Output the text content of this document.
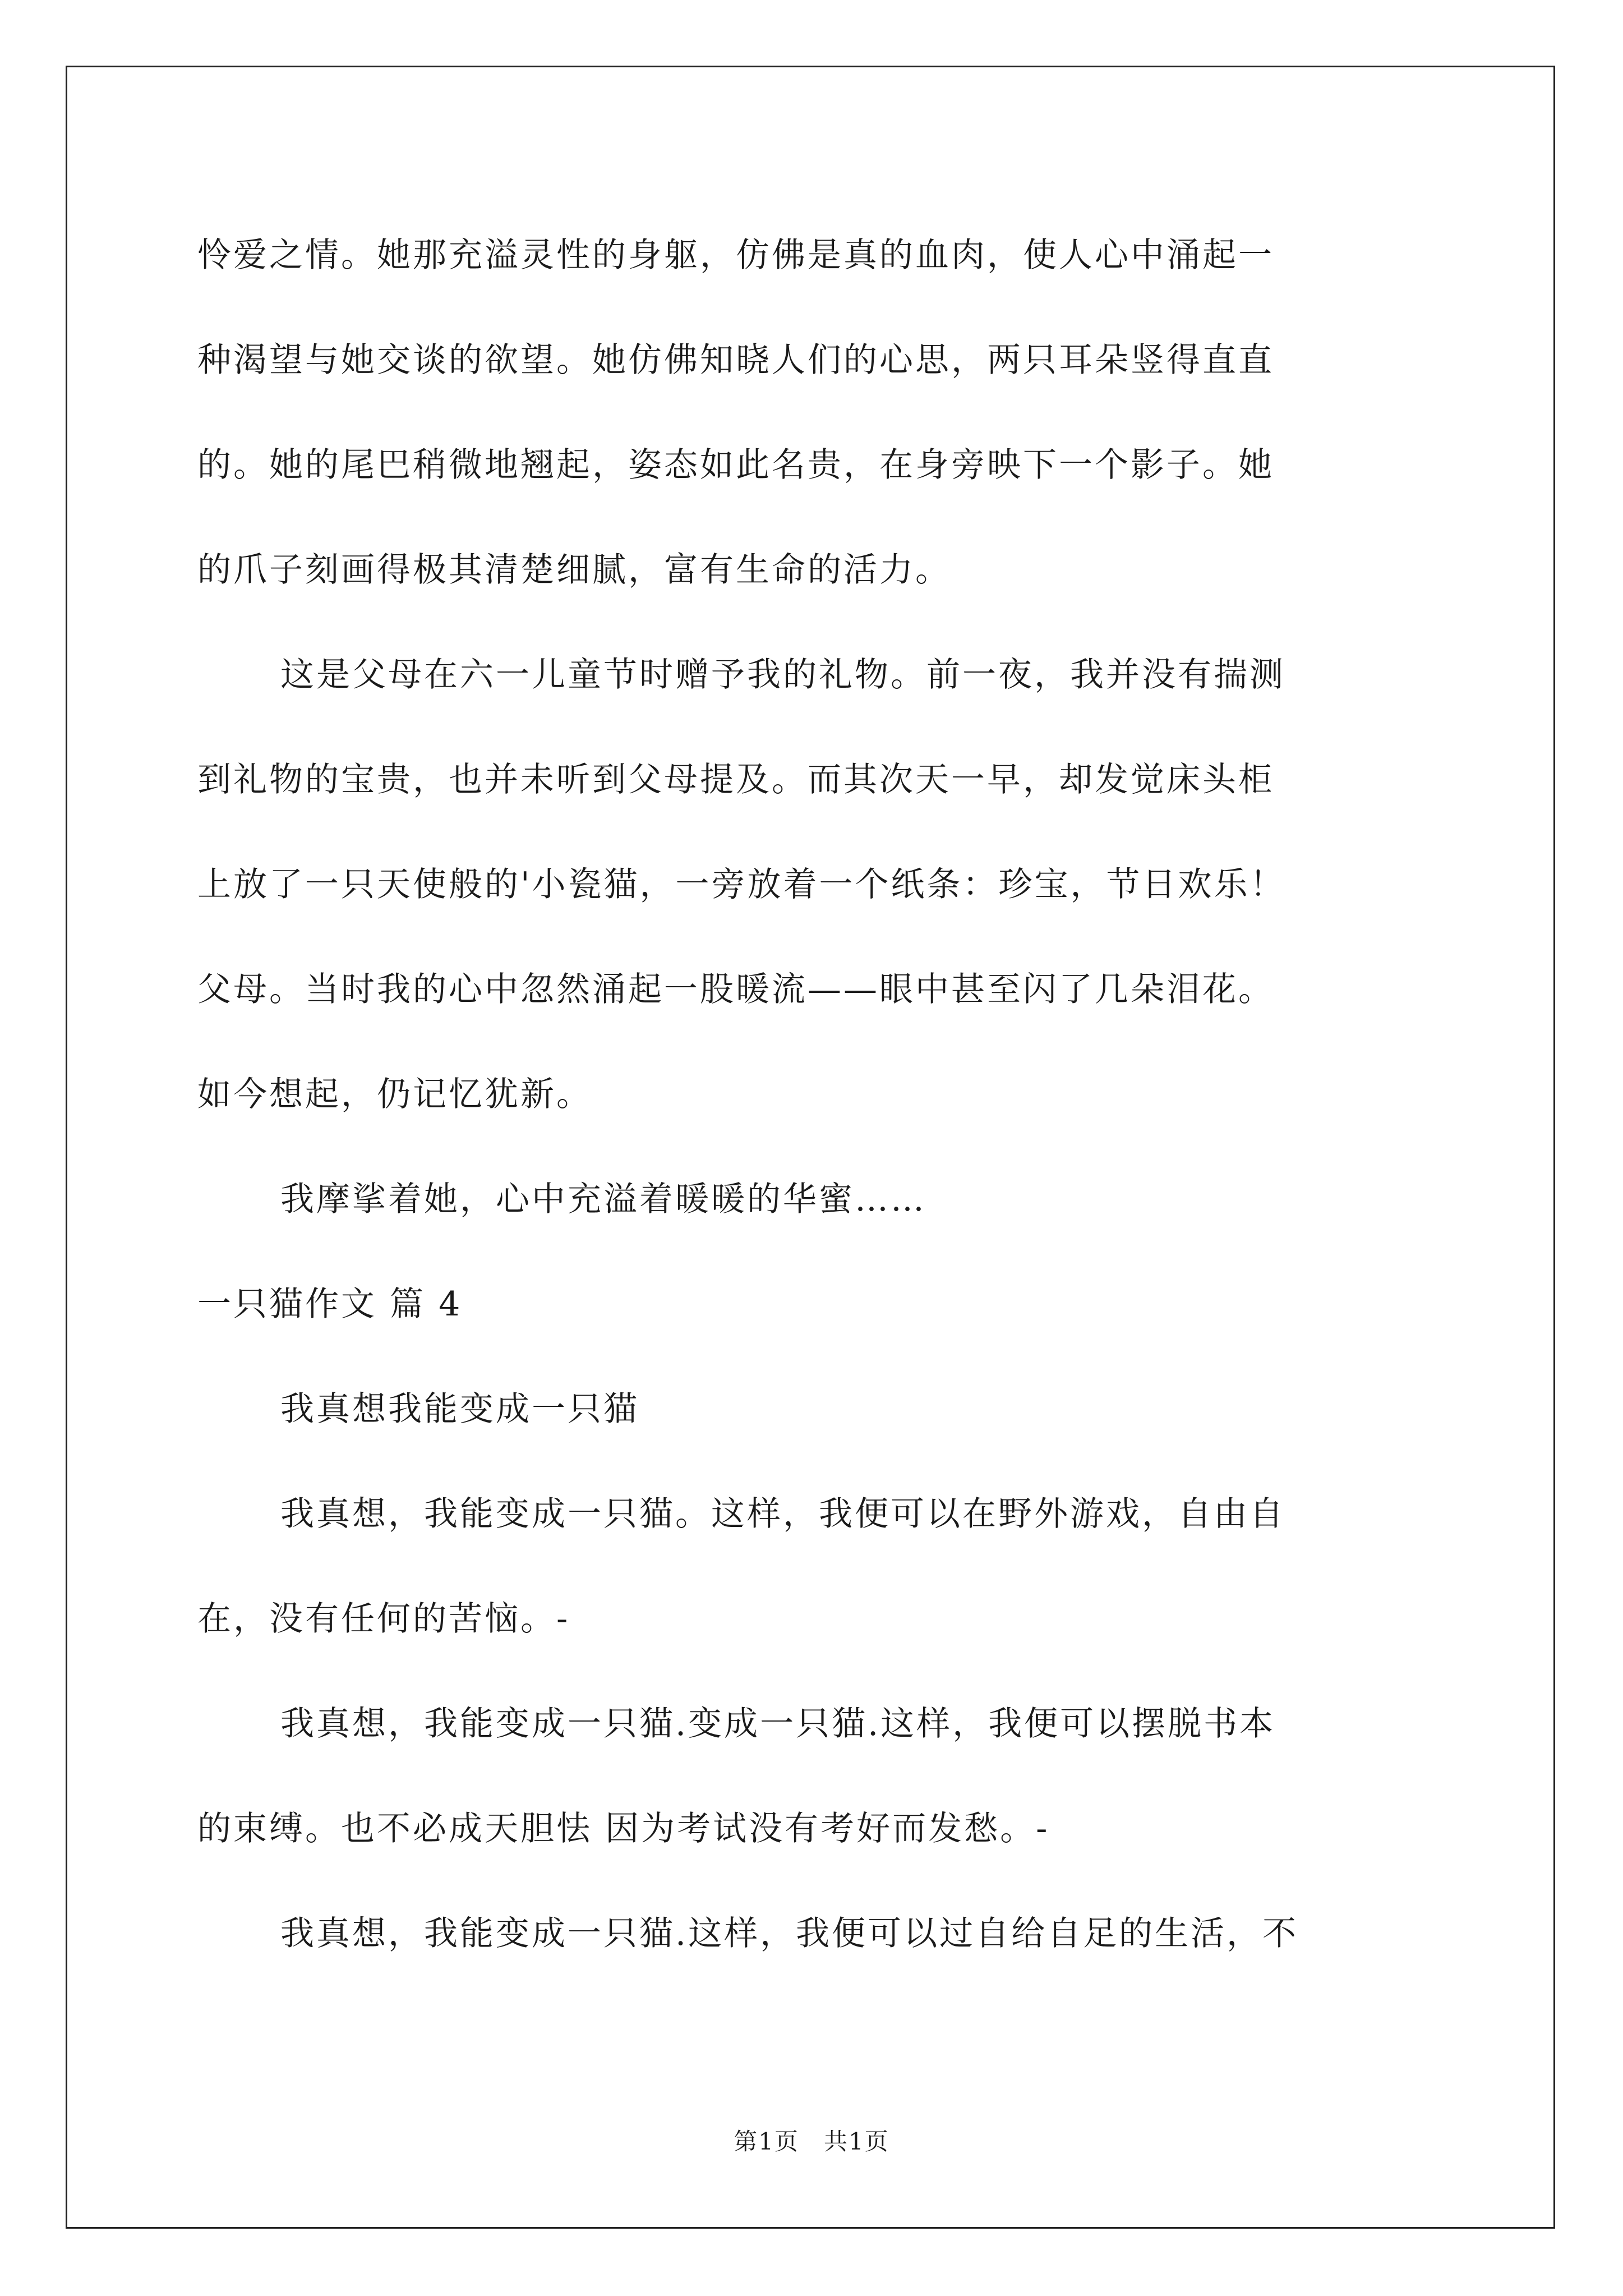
怜爱之情。她那充溢灵性的身躯，仿佛是真的血肉，使人心中涌起一
种渴望与她交谈的欲望。她仿佛知晓人们的心思，两只耳朵竖得直直
的。她的尾巴稍微地翘起，姿态如此名贵，在身旁映下一个影子。她
的爪子刻画得极其清楚细腻，富有生命的活力。
这是父母在六一儿童节时赠予我的礼物。前一夜，我并没有揣测
到礼物的宝贵，也并未听到父母提及。而其次天一早，却发觉床头柜
上放了一只天使般的'小瓷猫，一旁放着一个纸条：珍宝，节日欢乐！
父母。当时我的心中忽然涌起一股暖流——眼中甚至闪了几朵泪花。
如今想起，仍记忆犹新。
我摩挲着她，心中充溢着暖暖的华蜜……
一只猫作文 篇 4
我真想我能变成一只猫
我真想，我能变成一只猫。这样，我便可以在野外游戏，自由自
在，没有任何的苦恼。-
我真想，我能变成一只猫.变成一只猫.这样，我便可以摆脱书本
的束缚。也不必成天胆怯 因为考试没有考好而发愁。-
我真想，我能变成一只猫.这样，我便可以过自给自足的生活，不
第1页　共1页
